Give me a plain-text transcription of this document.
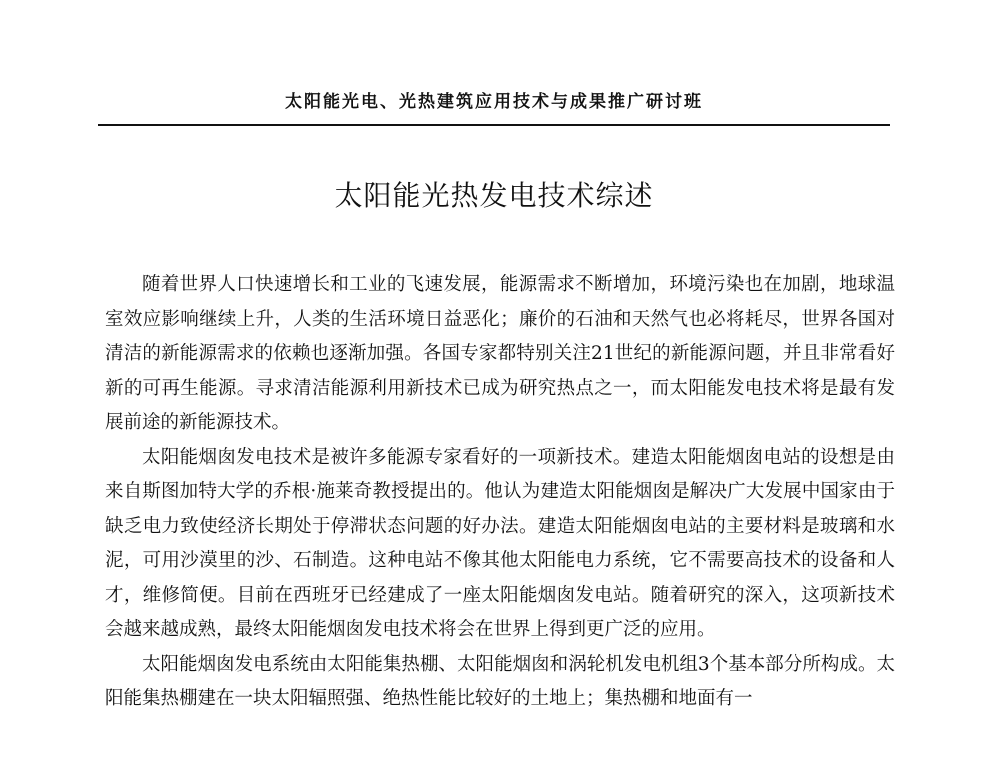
太阳能光电、光热建筑应用技术与成果推广研讨班
太阳能光热发电技术综述

随着世界人口快速增长和工业的飞速发展，能源需求不断增加，环境污染也在加剧，地球温室效应影响继续上升，人类的生活环境日益恶化；廉价的石油和天然气也必将耗尽，世界各国对清洁的新能源需求的依赖也逐渐加强。各国专家都特别关注21世纪的新能源问题，并且非常看好新的可再生能源。寻求清洁能源利用新技术已成为研究热点之一，而太阳能发电技术将是最有发展前途的新能源技术。

太阳能烟囱发电技术是被许多能源专家看好的一项新技术。建造太阳能烟囱电站的设想是由来自斯图加特大学的乔根·施莱奇教授提出的。他认为建造太阳能烟囱是解决广大发展中国家由于缺乏电力致使经济长期处于停滞状态问题的好办法。建造太阳能烟囱电站的主要材料是玻璃和水泥，可用沙漠里的沙、石制造。这种电站不像其他太阳能电力系统，它不需要高技术的设备和人才，维修简便。目前在西班牙已经建成了一座太阳能烟囱发电站。随着研究的深入，这项新技术会越来越成熟，最终太阳能烟囱发电技术将会在世界上得到更广泛的应用。

太阳能烟囱发电系统由太阳能集热棚、太阳能烟囱和涡轮机发电机组3个基本部分所构成。太阳能集热棚建在一块太阳辐照强、绝热性能比较好的土地上；集热棚和地面有一
